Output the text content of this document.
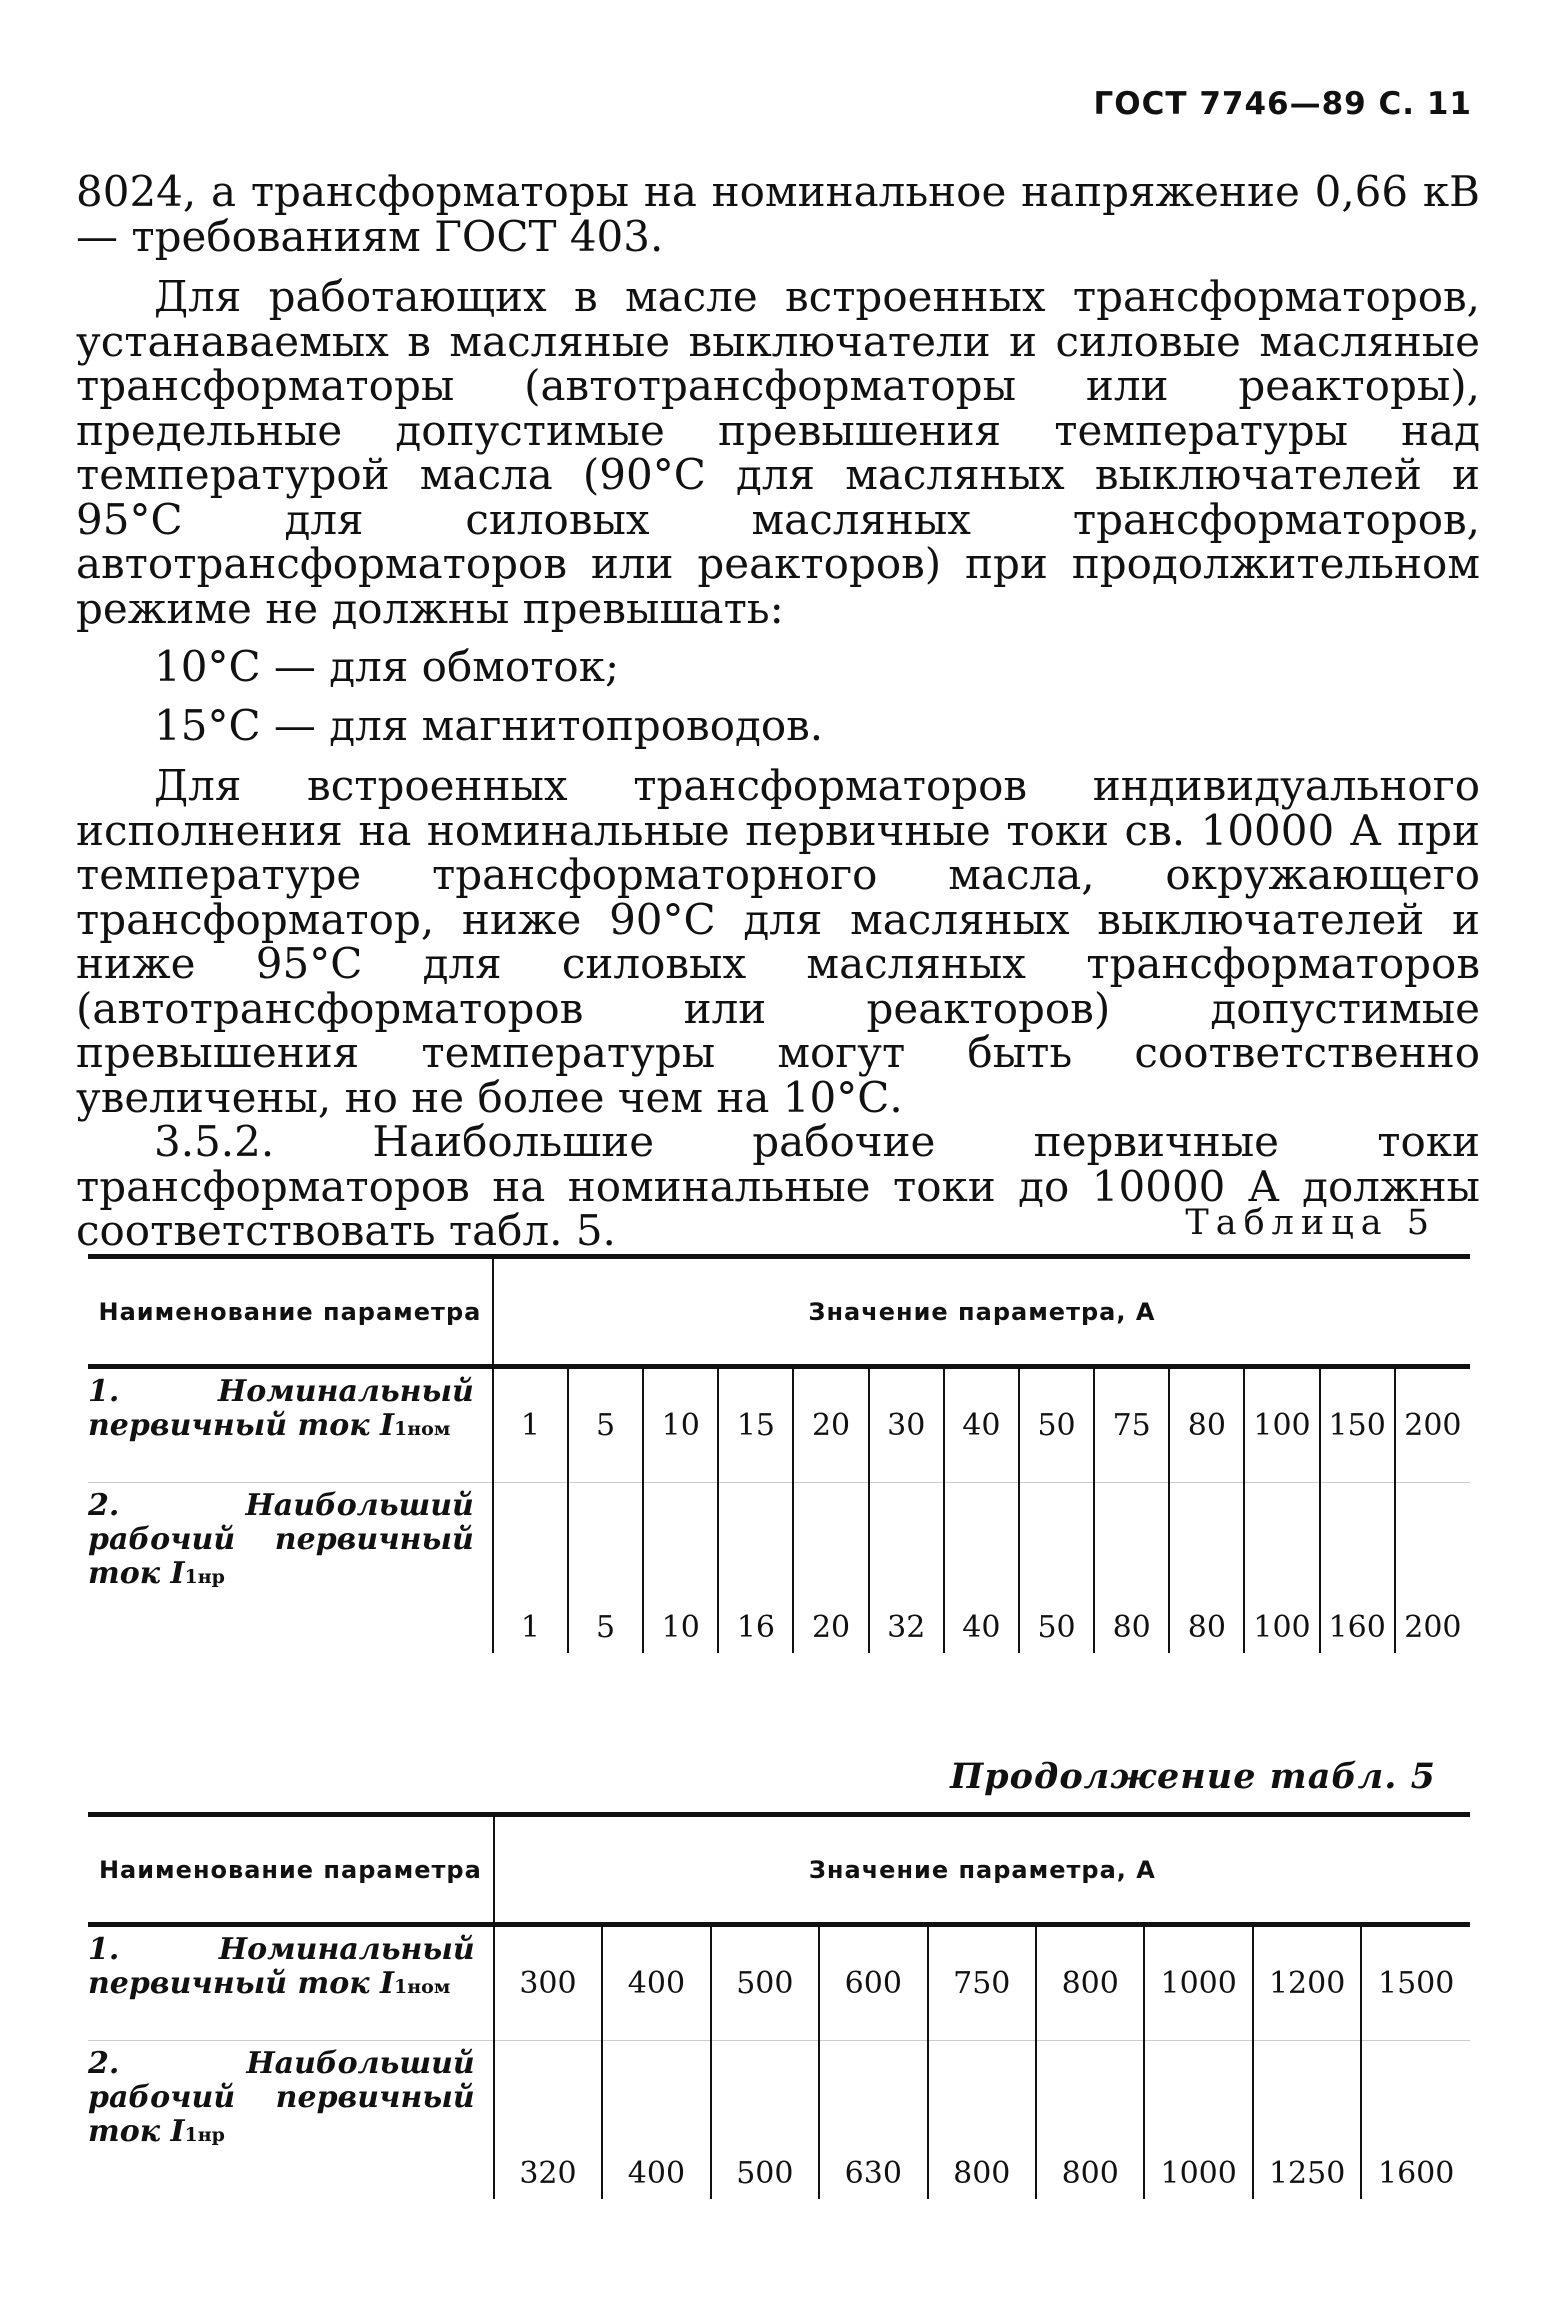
ГОСТ 7746—89 С. 11

8024, а трансформаторы на номинальное напряжение 0,66 кВ — требованиям ГОСТ 403.

Для работающих в масле встроенных трансформаторов, устанаваемых в масляные выключатели и силовые масляные трансформаторы (автотрансформаторы или реакторы), предельные допустимые превышения температуры над температурой масла (90°С для масляных выключателей и 95°С для силовых масляных трансформаторов, автотрансформаторов или реакторов) при продолжительном режиме не должны превышать:

10°С — для обмоток;

15°С — для магнитопроводов.

Для встроенных трансформаторов индивидуального исполнения на номинальные первичные токи св. 10000 А при температуре трансформаторного масла, окружающего трансформатор, ниже 90°С для масляных выключателей и ниже 95°С для силовых масляных трансформаторов (автотрансформаторов или реакторов) допустимые превышения температуры могут быть соответственно увеличены, но не более чем на 10°С.

3.5.2. Наибольшие рабочие первичные токи трансформаторов на номинальные токи до 10000 А должны соответствовать табл. 5.	Таблица 5
Наименование параметра	Значение параметра, А												
1. Номинальный первичный ток I1ном	1	5	10	15	20	30	40	50	75	80	100	150	200
2. Наибольший рабочий первичный ток I1нр	1	5	10	16	20	32	40	50	80	80	100	160	200
Продолжение табл. 5
Наименование параметра	Значение параметра, А								
1. Номинальный первичный ток I1ном	300	400	500	600	750	800	1000	1200	1500
2. Наибольший рабочий первичный ток I1нр	320	400	500	630	800	800	1000	1250	1600
